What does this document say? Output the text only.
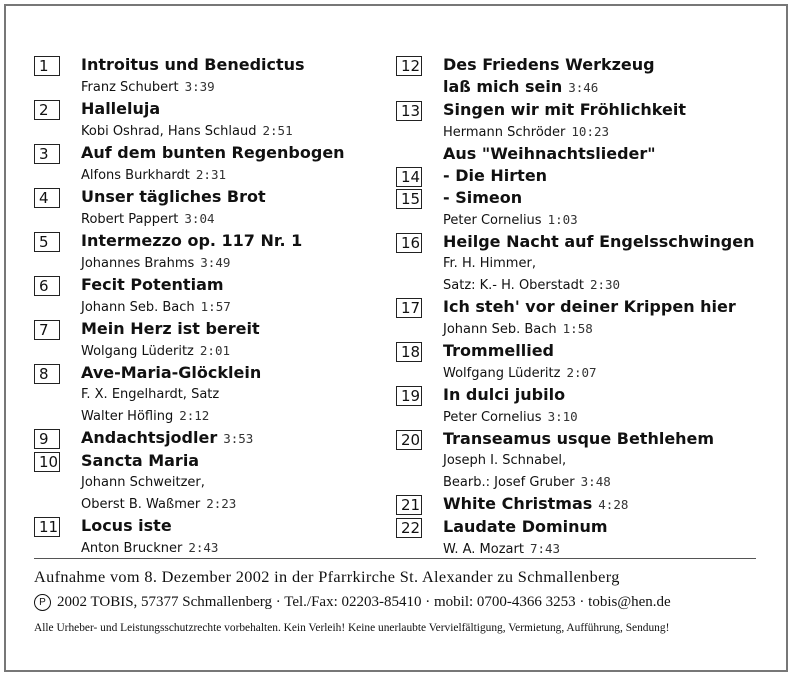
1	Introitus und Benedictus
Franz Schubert 3:39
2	Halleluja
Kobi Oshrad, Hans Schlaud 2:51
3	Auf dem bunten Regenbogen
Alfons Burkhardt 2:31
4	Unser tägliches Brot
Robert Pappert 3:04
5	Intermezzo op. 117 Nr. 1
Johannes Brahms 3:49
6	Fecit Potentiam
Johann Seb. Bach 1:57
7	Mein Herz ist bereit
Wolgang Lüderitz 2:01
8	Ave-Maria-Glöcklein
F. X. Engelhardt, Satz
Walter Höfling 2:12
9	Andachtsjodler 3:53
10 Sancta Maria
Johann Schweitzer,
Oberst B. Waßmer 2:23
11 Locus iste
Anton Bruckner 2:43
12 Des Friedens Werkzeug
laß mich sein 3:46
13 Singen wir mit Fröhlichkeit
Hermann Schröder 10:23
Aus "Weihnachtslieder"
14 - Die Hirten
15 - Simeon
Peter Cornelius 1:03
16 Heilge Nacht auf Engelsschwingen
Fr. H. Himmer,
Satz: K.- H. Oberstadt 2:30
17 Ich steh' vor deiner Krippen hier
Johann Seb. Bach 1:58
18 Trommellied
Wolfgang Lüderitz 2:07
19 In dulci jubilo
Peter Cornelius 3:10
20 Transeamus usque Bethlehem
Joseph I. Schnabel,
Bearb.: Josef Gruber 3:48
21 White Christmas 4:28
22 Laudate Dominum
W. A. Mozart 7:43
Aufnahme vom 8. Dezember 2002 in der Pfarrkirche St. Alexander zu Schmallenberg
P 2002 TOBIS, 57377 Schmallenberg · Tel./Fax: 02203-85410 · mobil: 0700-4366 3253 · tobis@hen.de
Alle Urheber- und Leistungsschutzrechte vorbehalten. Kein Verleih! Keine unerlaubte Vervielfältigung, Vermietung, Aufführung, Sendung!
